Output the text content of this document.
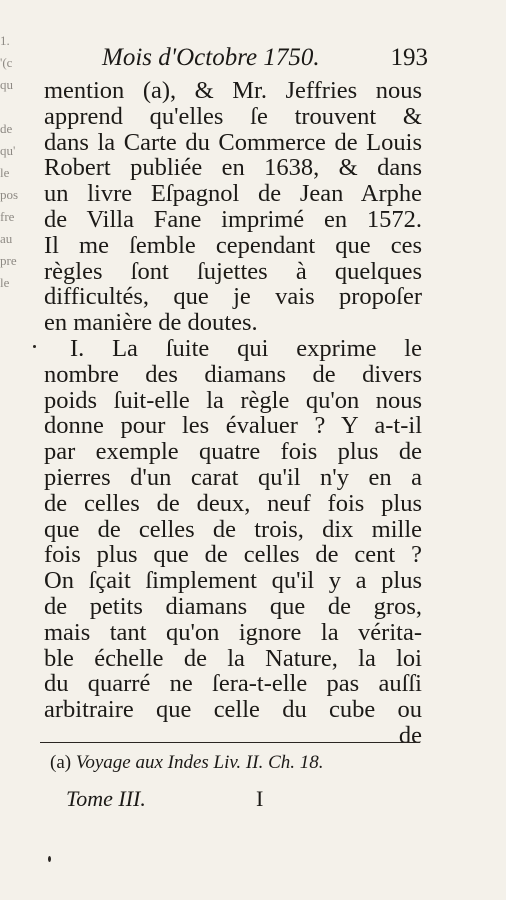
1.
'(c
qu
de
qu'
le
pos
fre
au
pre
le
Mois d'Octobre 1750.	193
mention (a), & Mr. Jeffries nous
apprend qu'elles ſe trouvent &
dans la Carte du Commerce de Louis
Robert publiée en 1638, & dans
un livre Eſpagnol de Jean Arphe
de Villa Fane imprimé en 1572.
Il me ſemble cependant que ces
règles ſont ſujettes à quelques
difficultés, que je vais propoſer
en manière de doutes.
I. La ſuite qui exprime le
nombre des diamans de divers
poids ſuit-elle la règle qu'on nous
donne pour les évaluer ? Y a-t-il
par exemple quatre fois plus de
pierres d'un carat qu'il n'y en a
de celles de deux, neuf fois plus
que de celles de trois, dix mille
fois plus que de celles de cent ?
On ſçait ſimplement qu'il y a plus
de petits diamans que de gros,
mais tant qu'on ignore la vérita-
ble échelle de la Nature, la loi
du quarré ne ſera-t-elle pas auſſi
arbitraire que celle du cube ou
de
(a) Voyage aux Indes Liv. II. Ch. 18.
Tome III.	I
